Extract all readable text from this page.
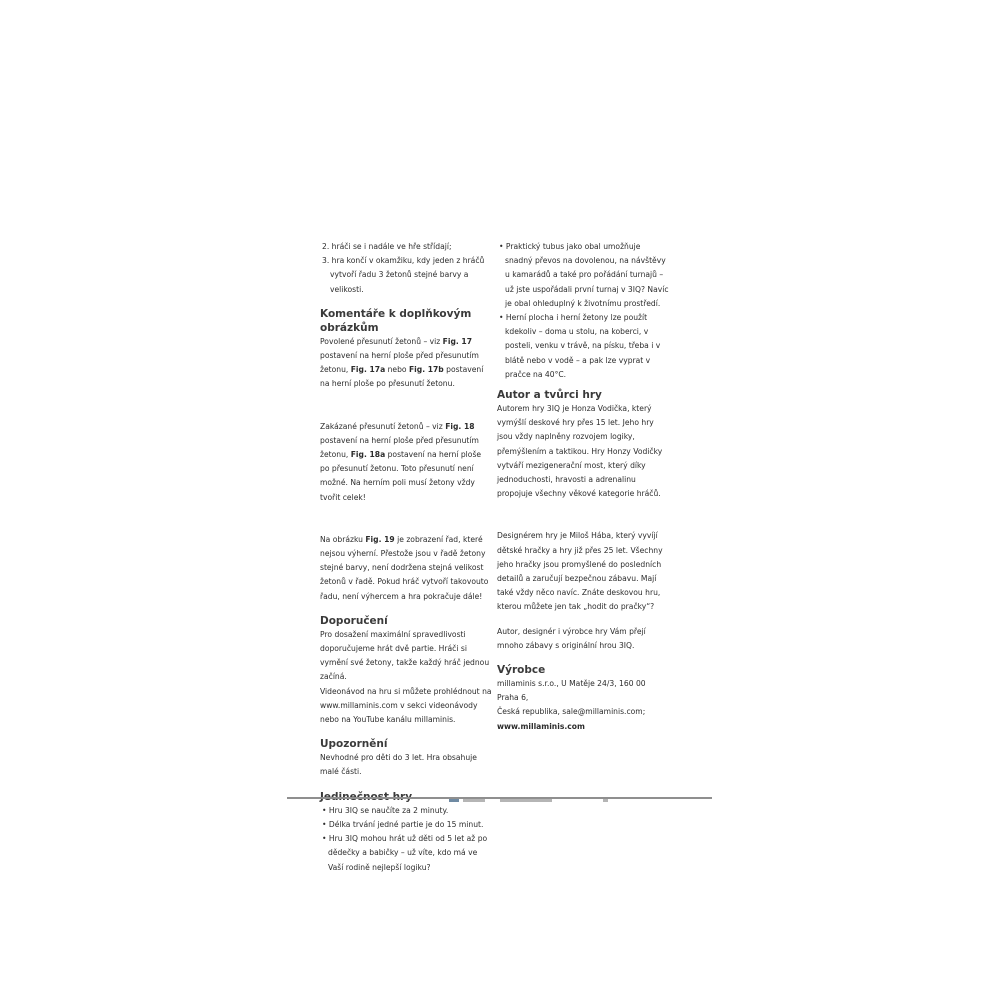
2. hráči se i nadále ve hře střídají;
3. hra končí v okamžiku, kdy jeden z hráčů vytvoří řadu 3 žetonů stejné barvy a velikosti.
Komentáře k doplňkovým obrázkům

Povolené přesunutí žetonů – viz Fig. 17 postavení na herní ploše před přesunutím žetonu, Fig. 17a nebo Fig. 17b postavení na herní ploše po přesunutí žetonu.

Zakázané přesunutí žetonů – viz Fig. 18 postavení na herní ploše před přesunutím žetonu, Fig. 18a postavení na herní ploše po přesunutí žetonu. Toto přesunutí není možné. Na herním poli musí žetony vždy tvořit celek!

Na obrázku Fig. 19 je zobrazení řad, které nejsou výherní. Přestože jsou v řadě žetony stejné barvy, není dodržena stejná velikost žetonů v řadě. Pokud hráč vytvoří takovouto řadu, není výhercem a hra pokračuje dále!

Doporučení

Pro dosažení maximální spravedlivosti doporučujeme hrát dvě partie. Hráči si vymění své žetony, takže každý hráč jednou začíná.

Videonávod na hru si můžete prohlédnout na www.millaminis.com v sekci videonávody nebo na YouTube kanálu millaminis.

Upozornění

Nevhodné pro děti do 3 let. Hra obsahuje malé části.

• Hru 3IQ se naučíte za 2 minuty.
• Délka trvání jedné partie je do 15 minut.
• Hru 3IQ mohou hrát už děti od 5 let až po dědečky a babičky – už víte, kdo má ve Vaší rodině nejlepší logiku?
• Praktický tubus jako obal umožňuje snadný převos na dovolenou, na návštěvy u kamarádů a také pro pořádání turnajů – už jste uspořádali první turnaj v 3IQ? Navíc je obal ohleduplný k životnímu prostředí.
• Herní plocha i herní žetony lze použít kdekoliv – doma u stolu, na koberci, v posteli, venku v trávě, na písku, třeba i v blátě nebo v vodě – a pak lze vyprat v pračce na 40°C.
Autor a tvůrci hry

Autorem hry 3IQ je Honza Vodička, který vymýšlí deskové hry přes 15 let. Jeho hry jsou vždy naplněny rozvojem logiky, přemýšlením a taktikou. Hry Honzy Vodičky vytváří mezigenerační most, který díky jednoduchosti, hravosti a adrenalinu propojuje všechny věkové kategorie hráčů.

Designérem hry je Miloš Hába, který vyvíjí dětské hračky a hry již přes 25 let. Všechny jeho hračky jsou promyšlené do posledních detailů a zaručují bezpečnou zábavu. Mají také vždy něco navíc. Znáte deskovou hru, kterou můžete jen tak „hodit do pračky“?

Autor, designér i výrobce hry Vám přejí mnoho zábavy s originální hrou 3IQ.

Výrobce

millaminis s.r.o., U Matěje 24/3, 160 00 Praha 6,

Česká republika, sale@millaminis.com;

www.millaminis.com
